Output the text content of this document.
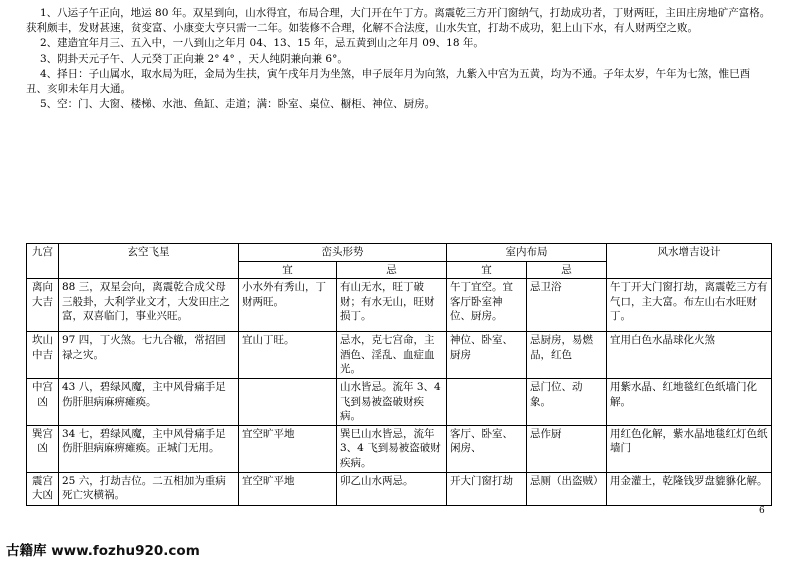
1、八运子午正向，地运 80 年。双星到向，山水得宜，布局合理，大门开在午丁方。离震乾三方开门窗纳气，打劫成功者，丁财两旺，主田庄房地矿产富格。获利颇丰，发财甚速，贫变富、小康变大亨只需一二年。如装修不合理，化解不合法度，山水失宜，打劫不成功，犯上山下水，有人财两空之败。

2、建造宜年月三、五入中，一八到山之年月 04、13、15 年，忌五黄到山之年月 09、18 年。

3、阴卦天元子午、人元癸丁正向兼 2° 4° ，天人纯阴兼向兼 6°。

4、择日：子山属水，取水局为旺，金局为生扶，寅午戌年月为坐煞，申子辰年月为向煞，九紫入中宫为五黄，均为不通。子年太岁，午年为七煞，惟巳酉丑、亥卯未年月大通。

5、空：门、大窗、楼梯、水池、鱼缸、走道；满：卧室、桌位、橱柜、神位、厨房。

九宫	玄空飞星	峦头形势		室内布局		风水增吉设计
		宜	忌	宜	忌	
离向大吉	88 三，双星会向，离震乾合成父母三般卦，大利学业文才，大发田庄之富，双喜临门，事业兴旺。	小水外有秀山，丁财两旺。	有山无水，旺丁破财；有水无山，旺财损丁。	午丁宜空。宜客厅卧室神位、厨房。	忌卫浴	午丁开大门窗打劫，离震乾三方有气口，主大富。布左山右水旺财丁。
坎山中吉	97 四，丁火煞。七九合辙，常招回禄之灾。	宜山丁旺。	忌水，克七宫命，主酒色、淫乱、血症血光。	神位、卧室、厨房	忌厨房，易燃品，红色	宜用白色水晶球化火煞
中宫凶	43 八，碧绿风魔，主中风骨痛手足伤肝胆病麻痹瘫痪。		山水皆忌。流年 3、4 飞到易被盗破财疾病。		忌门位、动象。	用紫水晶、红地毯红色纸墙门化解。
巽宫凶	34 七，碧绿风魔，主中风骨痛手足伤肝胆病麻痹瘫痪。正城门无用。	宜空旷平地	巽巳山水皆忌，流年 3、4 飞到易被盗破财疾病。	客厅、卧室、闲房、	忌作厨	用红色化解，紫水晶地毯红灯色纸墙门
震宫大凶	25 六，打劫吉位。二五相加为重病死亡灾横祸。	宜空旷平地	卯乙山水两忌。	开大门窗打劫	忌厕（出盗贼）	用金灌土，乾隆钱罗盘貔貅化解。
6
古籍库 www.fozhu920.com
